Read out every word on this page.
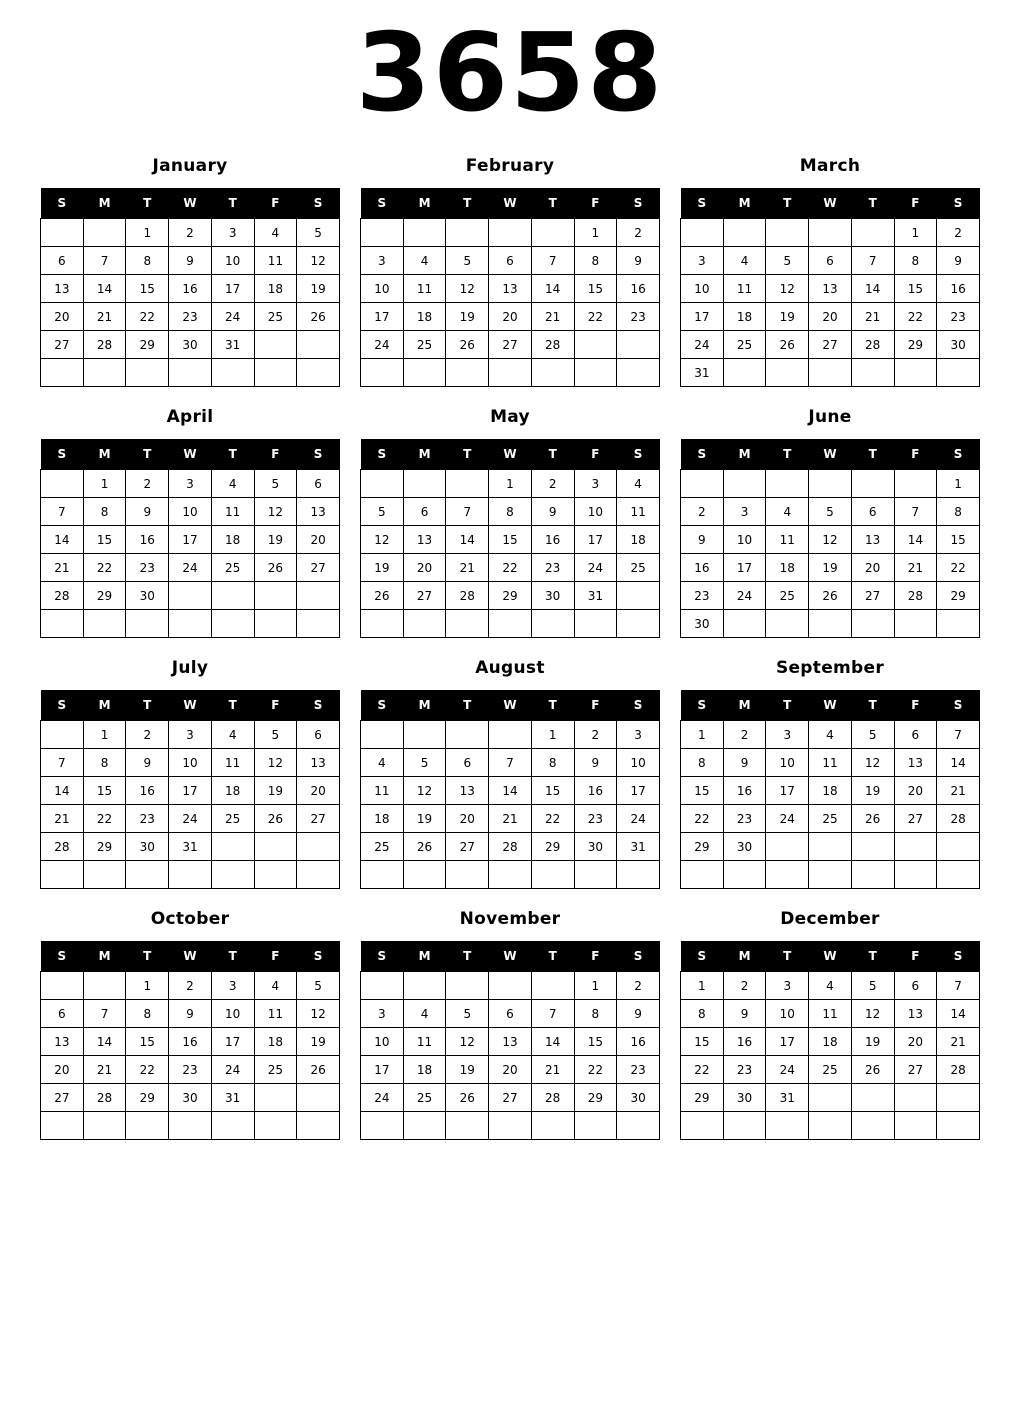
3658
January
S	M	T	W	T	F	S
		1	2	3	4	5
6	7	8	9	10	11	12
13	14	15	16	17	18	19
20	21	22	23	24	25	26
27	28	29	30	31		

February
S	M	T	W	T	F	S
					1	2
3	4	5	6	7	8	9
10	11	12	13	14	15	16
17	18	19	20	21	22	23
24	25	26	27	28		

March
S	M	T	W	T	F	S
					1	2
3	4	5	6	7	8	9
10	11	12	13	14	15	16
17	18	19	20	21	22	23
24	25	26	27	28	29	30
31						
April
S	M	T	W	T	F	S
	1	2	3	4	5	6
7	8	9	10	11	12	13
14	15	16	17	18	19	20
21	22	23	24	25	26	27
28	29	30				

May
S	M	T	W	T	F	S
			1	2	3	4
5	6	7	8	9	10	11
12	13	14	15	16	17	18
19	20	21	22	23	24	25
26	27	28	29	30	31	

June
S	M	T	W	T	F	S
						1
2	3	4	5	6	7	8
9	10	11	12	13	14	15
16	17	18	19	20	21	22
23	24	25	26	27	28	29
30						
July
S	M	T	W	T	F	S
	1	2	3	4	5	6
7	8	9	10	11	12	13
14	15	16	17	18	19	20
21	22	23	24	25	26	27
28	29	30	31			

August
S	M	T	W	T	F	S
				1	2	3
4	5	6	7	8	9	10
11	12	13	14	15	16	17
18	19	20	21	22	23	24
25	26	27	28	29	30	31

September
S	M	T	W	T	F	S
1	2	3	4	5	6	7
8	9	10	11	12	13	14
15	16	17	18	19	20	21
22	23	24	25	26	27	28
29	30					

October
S	M	T	W	T	F	S
		1	2	3	4	5
6	7	8	9	10	11	12
13	14	15	16	17	18	19
20	21	22	23	24	25	26
27	28	29	30	31		

November
S	M	T	W	T	F	S
					1	2
3	4	5	6	7	8	9
10	11	12	13	14	15	16
17	18	19	20	21	22	23
24	25	26	27	28	29	30

December
S	M	T	W	T	F	S
1	2	3	4	5	6	7
8	9	10	11	12	13	14
15	16	17	18	19	20	21
22	23	24	25	26	27	28
29	30	31				
